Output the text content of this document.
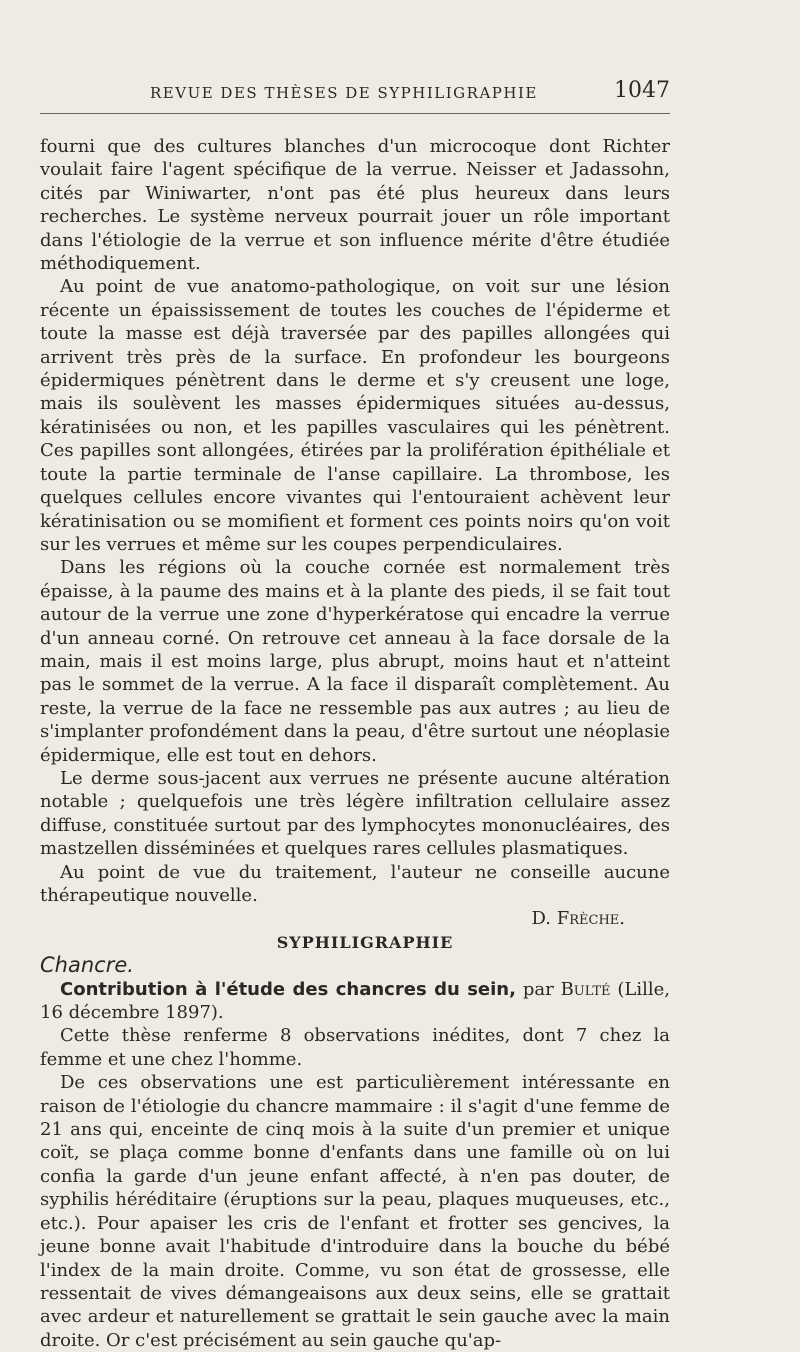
REVUE DES THÈSES DE SYPHILIGRAPHIE	1047

fourni que des cultures blanches d'un microcoque dont Richter voulait faire l'agent spécifique de la verrue. Neisser et Jadassohn, cités par Winiwarter, n'ont pas été plus heureux dans leurs recherches. Le système nerveux pourrait jouer un rôle important dans l'étiologie de la verrue et son influence mérite d'être étudiée méthodiquement.

Au point de vue anatomo-pathologique, on voit sur une lésion récente un épaississement de toutes les couches de l'épiderme et toute la masse est déjà traversée par des papilles allongées qui arrivent très près de la surface. En profondeur les bourgeons épidermiques pénètrent dans le derme et s'y creusent une loge, mais ils soulèvent les masses épidermiques situées au-dessus, kératinisées ou non, et les papilles vasculaires qui les pénètrent. Ces papilles sont allongées, étirées par la prolifération épithéliale et toute la partie terminale de l'anse capillaire. La thrombose, les quelques cellules encore vivantes qui l'entouraient achèvent leur kératinisation ou se momifient et forment ces points noirs qu'on voit sur les verrues et même sur les coupes perpendiculaires.

Dans les régions où la couche cornée est normalement très épaisse, à la paume des mains et à la plante des pieds, il se fait tout autour de la verrue une zone d'hyperkératose qui encadre la verrue d'un anneau corné. On retrouve cet anneau à la face dorsale de la main, mais il est moins large, plus abrupt, moins haut et n'atteint pas le sommet de la verrue. A la face il disparaît complètement. Au reste, la verrue de la face ne ressemble pas aux autres ; au lieu de s'implanter profondément dans la peau, d'être surtout une néoplasie épidermique, elle est tout en dehors.

Le derme sous-jacent aux verrues ne présente aucune altération notable ; quelquefois une très légère infiltration cellulaire assez diffuse, constituée surtout par des lymphocytes mononucléaires, des mastzellen disséminées et quelques rares cellules plasmatiques.

Au point de vue du traitement, l'auteur ne conseille aucune thérapeutique nouvelle.

D. Frèche.

SYPHILIGRAPHIE

Chancre.

Contribution à l'étude des chancres du sein, par Bulté (Lille, 16 décembre 1897).

Cette thèse renferme 8 observations inédites, dont 7 chez la femme et une chez l'homme.

De ces observations une est particulièrement intéressante en raison de l'étiologie du chancre mammaire : il s'agit d'une femme de 21 ans qui, enceinte de cinq mois à la suite d'un premier et unique coït, se plaça comme bonne d'enfants dans une famille où on lui confia la garde d'un jeune enfant affecté, à n'en pas douter, de syphilis héréditaire (éruptions sur la peau, plaques muqueuses, etc., etc.). Pour apaiser les cris de l'enfant et frotter ses gencives, la jeune bonne avait l'habitude d'introduire dans la bouche du bébé l'index de la main droite. Comme, vu son état de grossesse, elle ressentait de vives démangeaisons aux deux seins, elle se grattait avec ardeur et naturellement se grattait le sein gauche avec la main droite. Or c'est précisément au sein gauche qu'ap-
